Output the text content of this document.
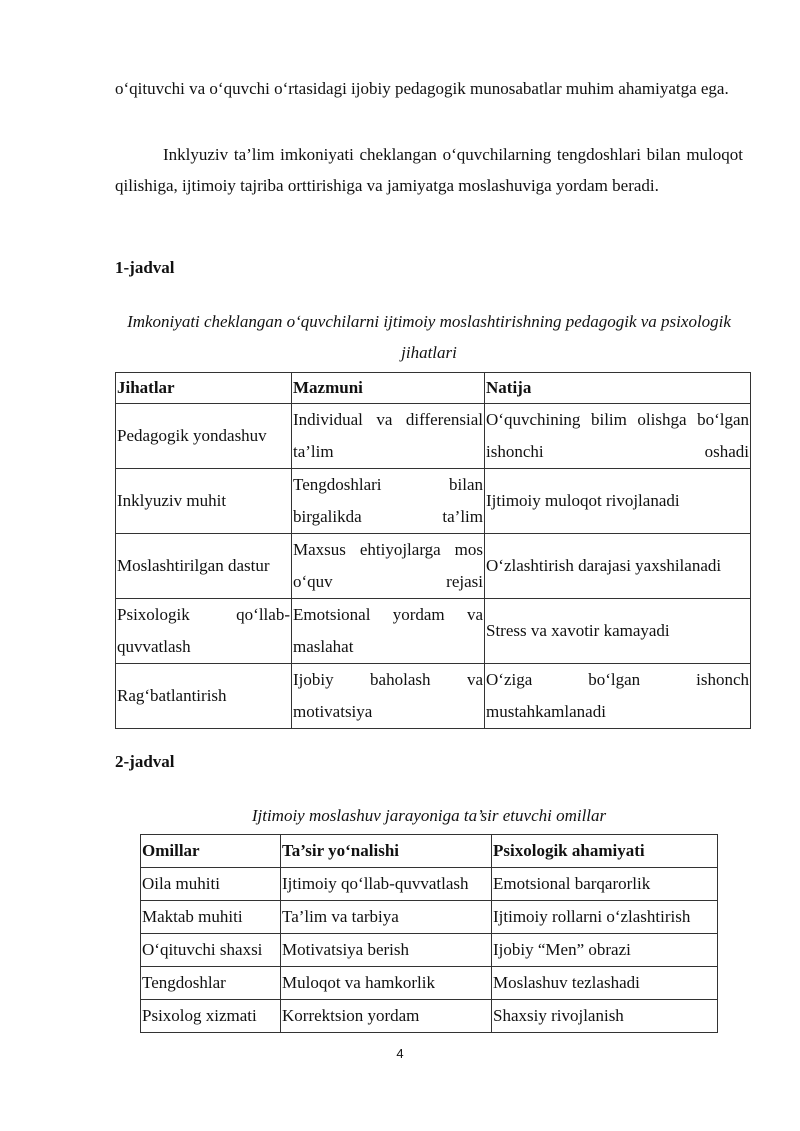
o‘qituvchi va o‘quvchi o‘rtasidagi ijobiy pedagogik munosabatlar muhim ahamiyatga ega.
Inklyuziv ta’lim imkoniyati cheklangan o‘quvchilarning tengdoshlari bilan muloqot qilishiga, ijtimoiy tajriba orttirishiga va jamiyatga moslashuviga yordam beradi.
1-jadval
Imkoniyati cheklangan o‘quvchilarni ijtimoiy moslashtirishning pedagogik va psixologik jihatlari
Jihatlar	Mazmuni	Natija
Pedagogik yondashuv	Individual va differensial ta’lim	O‘quvchining bilim olishga bo‘lgan ishonchi oshadi
Inklyuziv muhit	Tengdoshlari bilan birgalikda ta’lim	Ijtimoiy muloqot rivojlanadi
Moslashtirilgan dastur	Maxsus ehtiyojlarga mos o‘quv rejasi	O‘zlashtirish darajasi yaxshilanadi
Psixologik qo‘llab-quvvatlash	Emotsional yordam va maslahat	Stress va xavotir kamayadi
Rag‘batlantirish	Ijobiy baholash va motivatsiya	O‘ziga bo‘lgan ishonch mustahkamlanadi
2-jadval
Ijtimoiy moslashuv jarayoniga ta’sir etuvchi omillar
Omillar	Ta’sir yo‘nalishi	Psixologik ahamiyati
Oila muhiti	Ijtimoiy qo‘llab-quvvatlash	Emotsional barqarorlik
Maktab muhiti	Ta’lim va tarbiya	Ijtimoiy rollarni o‘zlashtirish
O‘qituvchi shaxsi	Motivatsiya berish	Ijobiy “Men” obrazi
Tengdoshlar	Muloqot va hamkorlik	Moslashuv tezlashadi
Psixolog xizmati	Korrektsion yordam	Shaxsiy rivojlanish
4
